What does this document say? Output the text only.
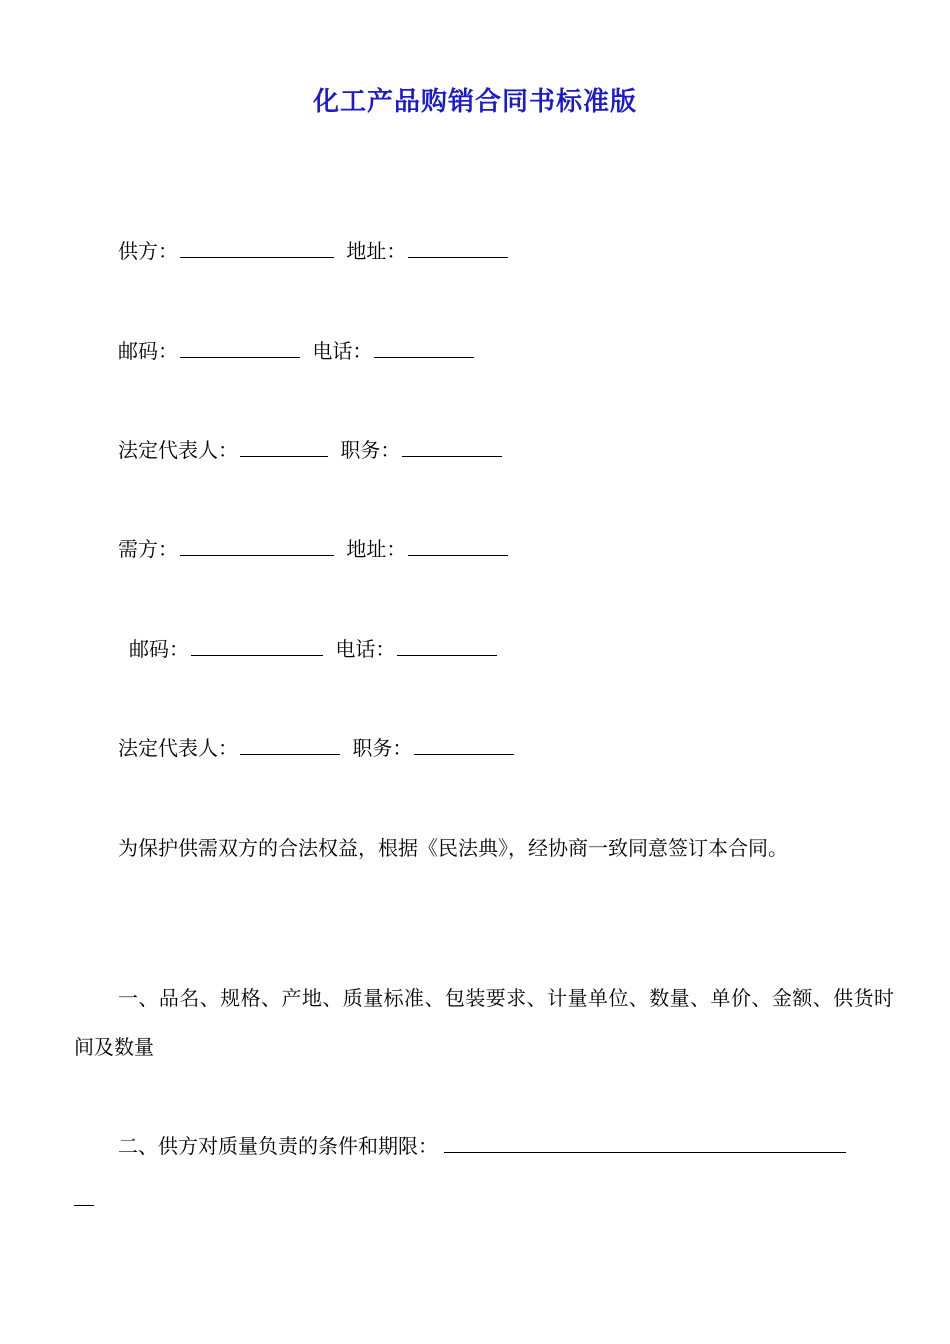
化工产品购销合同书标准版
供方：	地址：
邮码：	电话：
法定代表人：	职务：
需方：	地址：
邮码：	电话：
法定代表人：	职务：
为保护供需双方的合法权益，根据《民法典》，经协商一致同意签订本合同。
一、品名、规格、产地、质量标准、包装要求、计量单位、数量、单价、金额、供货时间及数量
二、供方对质量负责的条件和期限：
